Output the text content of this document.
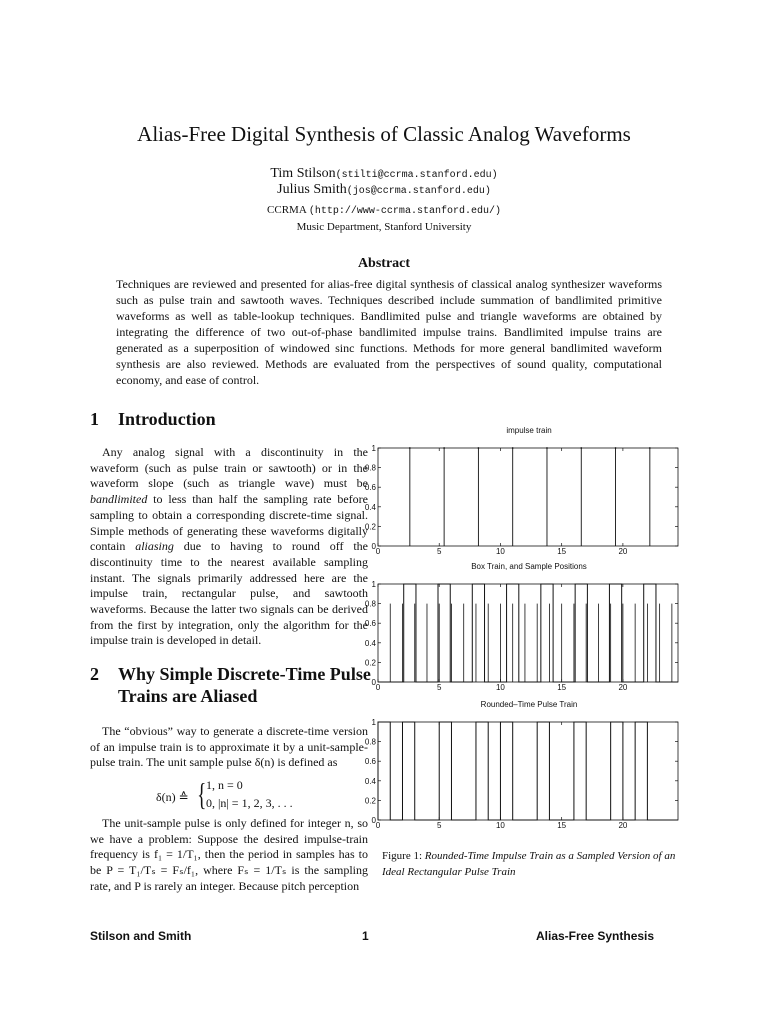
Alias-Free Digital Synthesis of Classic Analog Waveforms
Tim Stilson(stilti@ccrma.stanford.edu)
Julius Smith(jos@ccrma.stanford.edu)
CCRMA (http://www-ccrma.stanford.edu/)
Music Department, Stanford University
Abstract
Techniques are reviewed and presented for alias-free digital synthesis of classical analog synthesizer waveforms such as pulse train and sawtooth waves. Techniques described include summation of bandlimited primitive waveforms as well as table-lookup techniques. Bandlimited pulse and triangle waveforms are obtained by integrating the difference of two out-of-phase bandlimited impulse trains. Bandlimited impulse trains are generated as a superposition of windowed sinc functions. Methods for more general bandlimited waveform synthesis are also reviewed. Methods are evaluated from the perspectives of sound quality, computational economy, and ease of control.
1 Introduction

Any analog signal with a discontinuity in the waveform (such as pulse train or sawtooth) or in the waveform slope (such as triangle wave) must be bandlimited to less than half the sampling rate before sampling to obtain a corresponding discrete-time signal. Simple methods of generating these waveforms digitally contain aliasing due to having to round off the discontinuity time to the nearest available sampling instant. The signals primarily addressed here are the impulse train, rectangular pulse, and sawtooth waveforms. Because the latter two signals can be derived from the first by integration, only the algorithm for the impulse train is developed in detail.

2 Why Simple Discrete-Time Pulse
Trains are Aliased

The “obvious” way to generate a discrete-time version of an impulse train is to approximate it by a unit-sample-pulse train. The unit sample pulse δ(n) is defined as

δ(n) ≙ { 1, n = 0
0, |n| = 1, 2, 3, . . .

The unit-sample pulse is only defined for integer n, so we have a problem: Suppose the desired impulse-train frequency is f₁ = 1/T₁, then the period in samples has to be P = T₁/Tₛ = Fₛ/f₁, where Fₛ = 1/Tₛ is the sampling rate, and P is rarely an integer. Because pitch perception

impulse train
0
0.2
0.4
0.6
0.8
1
0	5	10	15	20
Box Train, and Sample Positions
0
0.2
0.4
0.6
0.8
1
0	5	10	15	20
Rounded–Time Pulse Train
0
0.2
0.4
0.6
0.8
1
0	5	10	15	20
Figure 1: Rounded-Time Impulse Train as a Sampled Version of an Ideal Rectangular Pulse Train
Stilson and Smith	1	Alias-Free Synthesis
